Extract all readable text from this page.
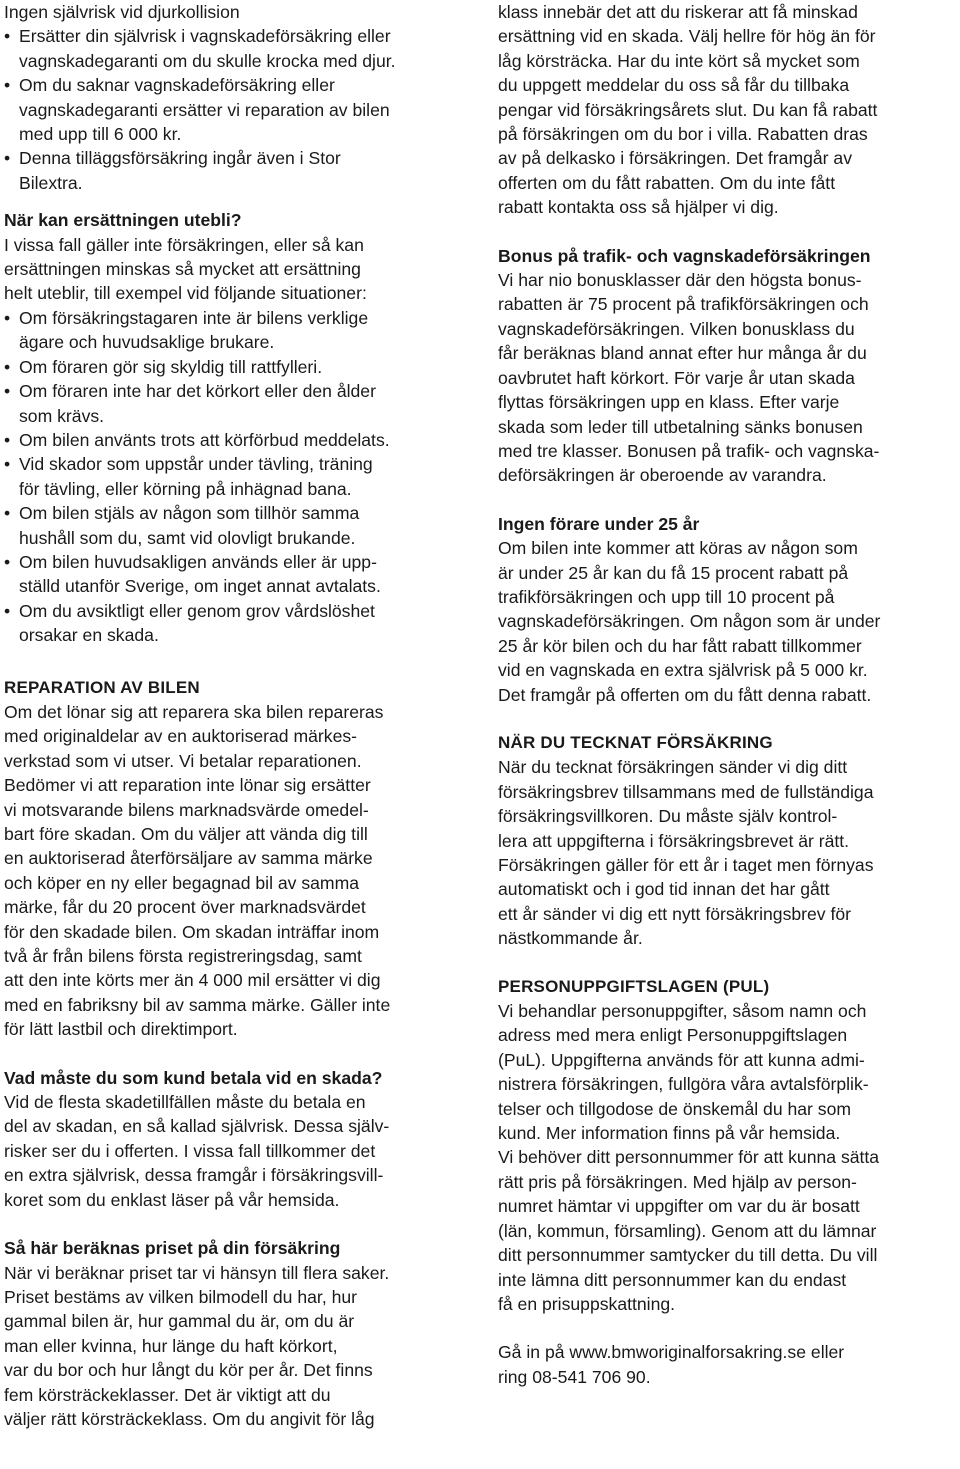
Ingen självrisk vid djurkollision
• Ersätter din självrisk i vagnskadeförsäkring eller
vagnskadegaranti om du skulle krocka med djur.
• Om du saknar vagnskadeförsäkring eller
vagnskadegaranti ersätter vi reparation av bilen
med upp till 6 000 kr.
• Denna tilläggsförsäkring ingår även i Stor
Bilextra.
När kan ersättningen utebli?
I vissa fall gäller inte försäkringen, eller så kan
ersättningen minskas så mycket att ersättning
helt uteblir, till exempel vid följande situationer:
• Om försäkringstagaren inte är bilens verklige
ägare och huvudsaklige brukare.
• Om föraren gör sig skyldig till rattfylleri.
• Om föraren inte har det körkort eller den ålder
som krävs.
• Om bilen använts trots att körförbud meddelats.
• Vid skador som uppstår under tävling, träning
för tävling, eller körning på inhägnad bana.
• Om bilen stjäls av någon som tillhör samma
hushåll som du, samt vid olovligt brukande.
• Om bilen huvudsakligen används eller är upp-
ställd utanför Sverige, om inget annat avtalats.
• Om du avsiktligt eller genom grov vårdslöshet
orsakar en skada.
REPARATION AV BILEN
Om det lönar sig att reparera ska bilen repareras
med originaldelar av en auktoriserad märkes-
verkstad som vi utser. Vi betalar reparationen.
Bedömer vi att reparation inte lönar sig ersätter
vi motsvarande bilens marknadsvärde omedel-
bart före skadan. Om du väljer att vända dig till
en auktoriserad återförsäljare av samma märke
och köper en ny eller begagnad bil av samma
märke, får du 20 procent över marknadsvärdet
för den skadade bilen. Om skadan inträffar inom
två år från bilens första registreringsdag, samt
att den inte körts mer än 4 000 mil ersätter vi dig
med en fabriksny bil av samma märke. Gäller inte
för lätt lastbil och direktimport.
Vad måste du som kund betala vid en skada?
Vid de flesta skadetillfällen måste du betala en
del av skadan, en så kallad självrisk. Dessa själv-
risker ser du i offerten. I vissa fall tillkommer det
en extra självrisk, dessa framgår i försäkringsvill-
koret som du enklast läser på vår hemsida.
Så här beräknas priset på din försäkring
När vi beräknar priset tar vi hänsyn till flera saker.
Priset bestäms av vilken bilmodell du har, hur
gammal bilen är, hur gammal du är, om du är
man eller kvinna, hur länge du haft körkort,
var du bor och hur långt du kör per år. Det finns
fem körsträckeklasser. Det är viktigt att du
väljer rätt körsträckeklass. Om du angivit för låg
klass innebär det att du riskerar att få minskad
ersättning vid en skada. Välj hellre för hög än för
låg körsträcka. Har du inte kört så mycket som
du uppgett meddelar du oss så får du tillbaka
pengar vid försäkringsårets slut. Du kan få rabatt
på försäkringen om du bor i villa. Rabatten dras
av på delkasko i försäkringen. Det framgår av
offerten om du fått rabatten. Om du inte fått
rabatt kontakta oss så hjälper vi dig.
Bonus på trafik- och vagnskadeförsäkringen
Vi har nio bonusklasser där den högsta bonus-
rabatten är 75 procent på trafikförsäkringen och
vagnskadeförsäkringen. Vilken bonusklass du
får beräknas bland annat efter hur många år du
oavbrutet haft körkort. För varje år utan skada
flyttas försäkringen upp en klass. Efter varje
skada som leder till utbetalning sänks bonusen
med tre klasser. Bonusen på trafik- och vagnska-
deförsäkringen är oberoende av varandra.
Ingen förare under 25 år
Om bilen inte kommer att köras av någon som
är under 25 år kan du få 15 procent rabatt på
trafikförsäkringen och upp till 10 procent på
vagnskadeförsäkringen. Om någon som är under
25 år kör bilen och du har fått rabatt tillkommer
vid en vagnskada en extra självrisk på 5 000 kr.
Det framgår på offerten om du fått denna rabatt.
NÄR DU TECKNAT FÖRSÄKRING
När du tecknat försäkringen sänder vi dig ditt
försäkringsbrev tillsammans med de fullständiga
försäkringsvillkoren. Du måste själv kontrol-
lera att uppgifterna i försäkringsbrevet är rätt.
Försäkringen gäller för ett år i taget men förnyas
automatiskt och i god tid innan det har gått
ett år sänder vi dig ett nytt försäkringsbrev för
nästkommande år.
PERSONUPPGIFTSLAGEN (PUL)
Vi behandlar personuppgifter, såsom namn och
adress med mera enligt Personuppgiftslagen
(PuL). Uppgifterna används för att kunna admi-
nistrera försäkringen, fullgöra våra avtalsförplik-
telser och tillgodose de önskemål du har som
kund. Mer information finns på vår hemsida.
Vi behöver ditt personnummer för att kunna sätta
rätt pris på försäkringen. Med hjälp av person-
numret hämtar vi uppgifter om var du är bosatt
(län, kommun, församling). Genom att du lämnar
ditt personnummer samtycker du till detta. Du vill
inte lämna ditt personnummer kan du endast
få en prisuppskattning.
Gå in på www.bmworiginalforsakring.se eller
ring 08-541 706 90.
